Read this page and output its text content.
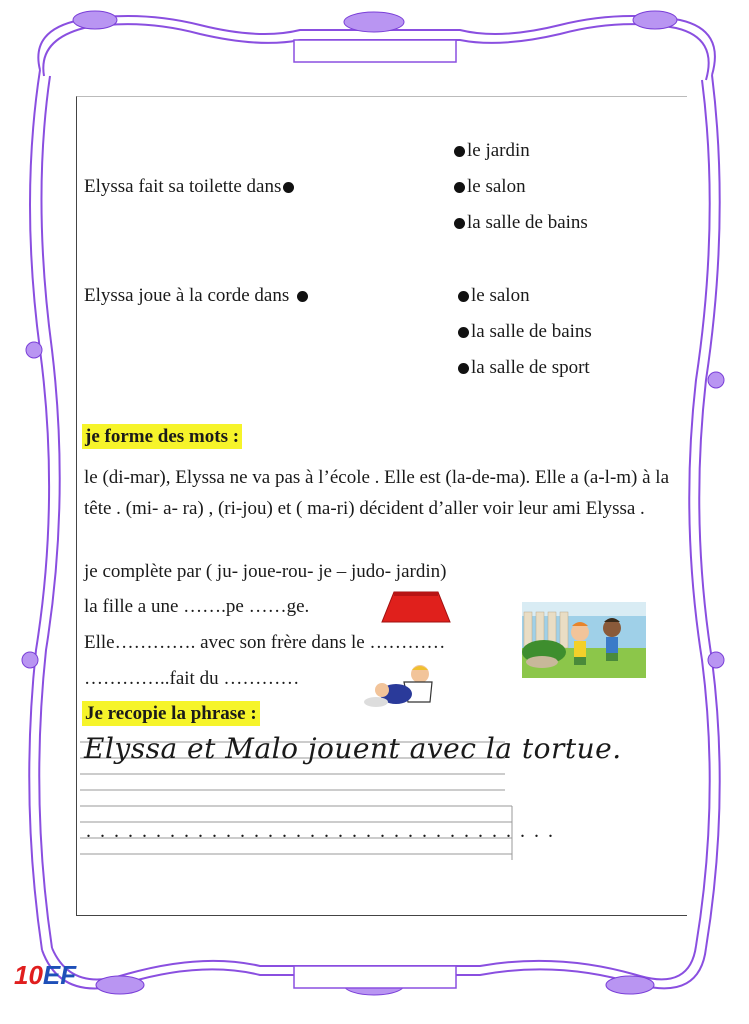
Elyssa fait sa toilette dans
le jardin
le salon
la salle de bains
Elyssa joue à la corde dans	le salon
la salle de bains
la salle de sport
je forme des mots :
le (di-mar), Elyssa ne va pas à l’école . Elle est (la-de-ma). Elle a (a-l-m) à la tête . (mi- a- ra) , (ri-jou) et ( ma-ri) décident d’aller voir leur ami Elyssa .
je complète par ( ju- joue-rou- je – judo- jardin)
la fille a une …….pe ……ge.
Elle…………. avec son frère dans le …………
…………..fait du …………
Je recopie la phrase :
Elyssa et Malo jouent avec la tortue.
. . . . . . . . . . . . . . . . . . . . . . . . . . . . . . . . . .
10EF
